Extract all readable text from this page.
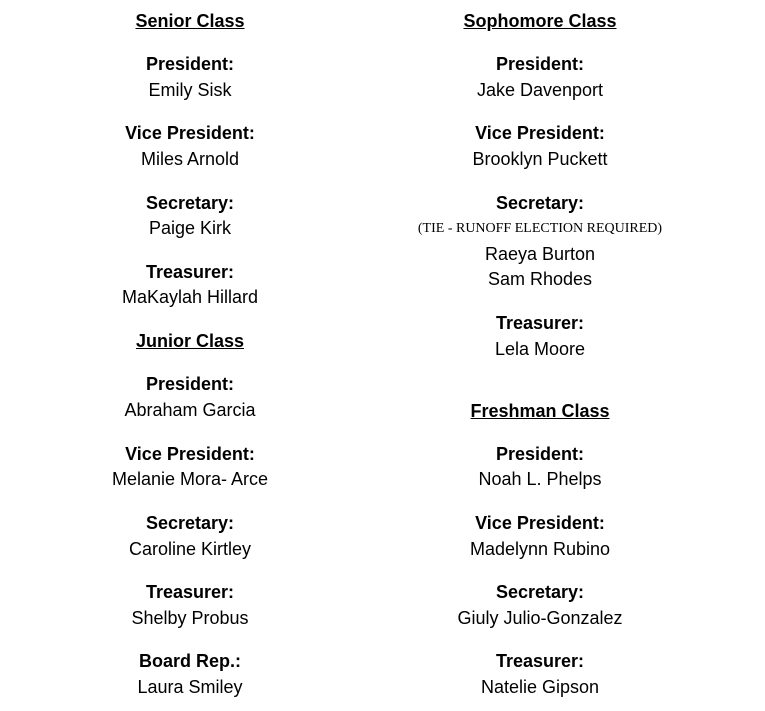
Senior Class
President:
Emily Sisk
Vice President:
Miles Arnold
Secretary:
Paige Kirk
Treasurer:
MaKaylah Hillard
Junior Class
President:
Abraham Garcia
Vice President:
Melanie Mora- Arce
Secretary:
Caroline Kirtley
Treasurer:
Shelby Probus
Board Rep.:
Laura Smiley
Sophomore Class
President:
Jake Davenport
Vice President:
Brooklyn Puckett
Secretary:
(TIE - RUNOFF ELECTION REQUIRED)
Raeya Burton
Sam Rhodes
Treasurer:
Lela Moore
Freshman Class
President:
Noah L. Phelps
Vice President:
Madelynn Rubino
Secretary:
Giuly Julio-Gonzalez
Treasurer:
Natelie Gipson
